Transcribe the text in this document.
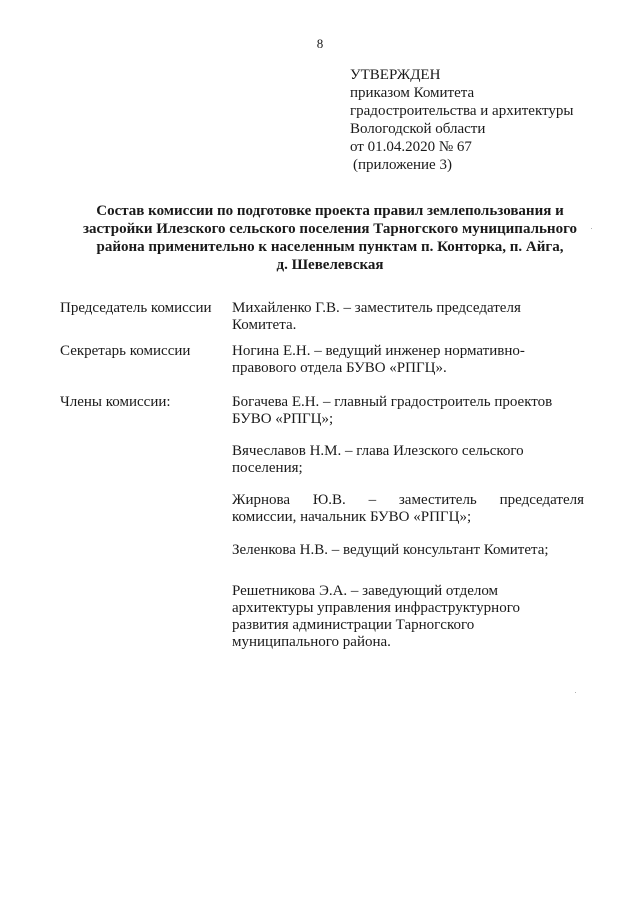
8
УТВЕРЖДЕН
приказом Комитета
градостроительства и архитектуры
Вологодской области
от 01.04.2020 № 67
(приложение 3)
Состав комиссии по подготовке проекта правил землепользования и
застройки Илезского сельского поселения Тарногского муниципального
района применительно к населенным пунктам п. Конторка, п. Айга,
д. Шевелевская
Председатель комиссии	Михайленко Г.В. – заместитель председателя
Комитета.
Секретарь комиссии	Ногина Е.Н. – ведущий инженер нормативно-
правового отдела БУВО «РПГЦ».
Члены комиссии:	Богачева Е.Н. – главный градостроитель проектов
БУВО «РПГЦ»;
Вячеславов Н.М. – глава Илезского сельского
поселения;
Жирнова Ю.В. – заместитель председателя
комиссии, начальник БУВО «РПГЦ»;
Зеленкова Н.В. – ведущий консультант Комитета;
Решетникова Э.А. – заведующий отделом
архитектуры управления инфраструктурного
развития администрации Тарногского
муниципального района.
